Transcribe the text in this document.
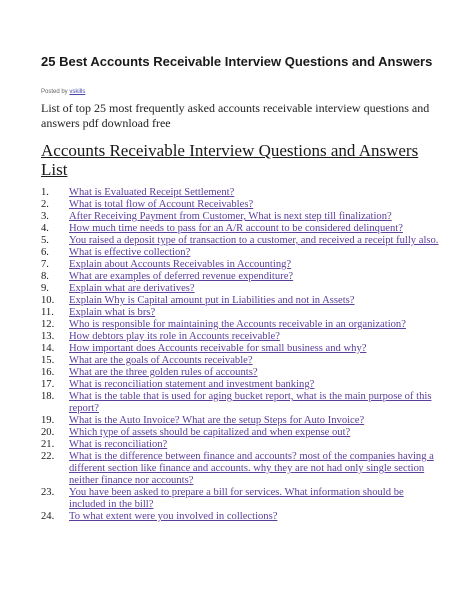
25 Best Accounts Receivable Interview Questions and Answers
Posted by vskills
List of top 25 most frequently asked accounts receivable interview questions and answers pdf download free
Accounts Receivable Interview Questions and Answers List
1.	What is Evaluated Receipt Settlement?
2.	What is total flow of Account Receivables?
3.	After Receiving Payment from Customer, What is next step till finalization?
4.	How much time needs to pass for an A/R account to be considered delinquent?
5.	You raised a deposit type of transaction to a customer, and received a receipt fully also.
6.	What is effective collection?
7.	Explain about Accounts Receivables in Accounting?
8.	What are examples of deferred revenue expenditure?
9.	Explain what are derivatives?
10.	Explain Why is Capital amount put in Liabilities and not in Assets?
11.	Explain what is brs?
12.	Who is responsible for maintaining the Accounts receivable in an organization?
13.	How debtors play its role in Accounts receivable?
14.	How important does Accounts receivable for small business and why?
15.	What are the goals of Accounts receivable?
16.	What are the three golden rules of accounts?
17.	What is reconciliation statement and investment banking?
18.	What is the table that is used for aging bucket report, what is the main purpose of this report?
19.	What is the Auto Invoice? What are the setup Steps for Auto Invoice?
20.	Which type of assets should be capitalized and when expense out?
21.	What is reconciliation?
22.	What is the difference between finance and accounts? most of the companies having a different section like finance and accounts. why they are not had only single section neither finance nor accounts?
23.	You have been asked to prepare a bill for services. What information should be included in the bill?
24.	To what extent were you involved in collections?
